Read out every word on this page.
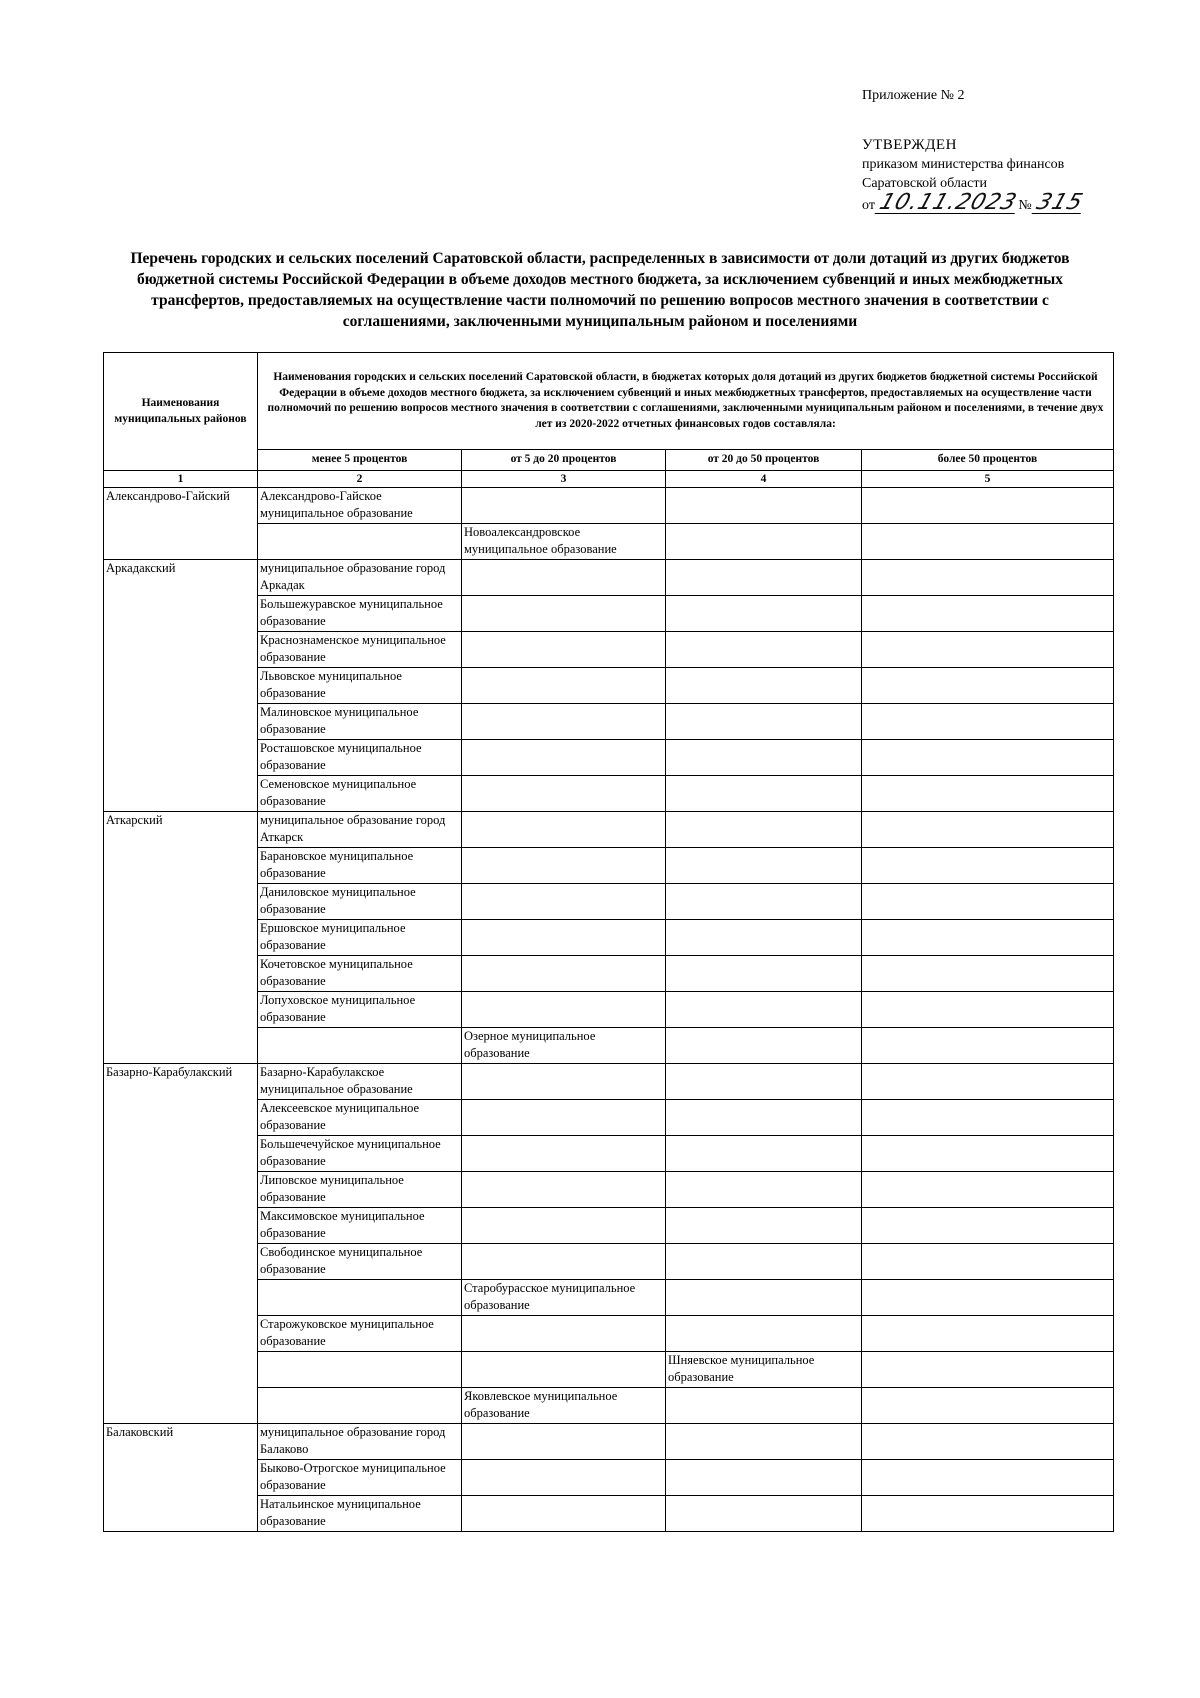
Приложение № 2
УТВЕРЖДЕН
приказом министерства финансов
Саратовской области
от 10.11.2023№ 315
Перечень городских и сельских поселений Саратовской области, распределенных в зависимости от доли дотаций из других бюджетов бюджетной системы Российской Федерации в объеме доходов местного бюджета, за исключением субвенций и иных межбюджетных трансфертов, предоставляемых на осуществление части полномочий по решению вопросов местного значения в соответствии с соглашениями, заключенными муниципальным районом и поселениями
Наименования муниципальных районов	Наименования городских и сельских поселений Саратовской области, в бюджетах которых доля дотаций из других бюджетов бюджетной системы Российской Федерации в объеме доходов местного бюджета, за исключением субвенций и иных межбюджетных трансфертов, предоставляемых на осуществление части полномочий по решению вопросов местного значения в соответствии с соглашениями, заключенными муниципальным районом и поселениями, в течение двух лет из 2020-2022 отчетных финансовых годов составляла:			
	менее 5 процентов	от 5 до 20 процентов	от 20 до 50 процентов	более 50 процентов
1	2	3	4	5
Александрово-Гайский	Александрово-Гайское муниципальное образование			
		Новоалександровское муниципальное образование		
Аркадакский	муниципальное образование город Аркадак			
	Большежуравское муниципальное образование			
	Краснознаменское муниципальное образование			
	Львовское муниципальное образование			
	Малиновское муниципальное образование			
	Росташовское муниципальное образование			
	Семеновское муниципальное образование			
Аткарский	муниципальное образование город Аткарск			
	Барановское муниципальное образование			
	Даниловское муниципальное образование			
	Ершовское муниципальное образование			
	Кочетовское муниципальное образование			
	Лопуховское муниципальное образование			
		Озерное муниципальное образование		
Базарно-Карабулакский	Базарно-Карабулакское муниципальное образование			
	Алексеевское муниципальное образование			
	Большечечуйское муниципальное образование			
	Липовское муниципальное образование			
	Максимовское муниципальное образование			
	Свободинское муниципальное образование			
		Старобурасское муниципальное образование		
	Старожуковское муниципальное образование			
			Шняевское муниципальное образование	
		Яковлевское муниципальное образование		
Балаковский	муниципальное образование город Балаково			
	Быково-Отрогское муниципальное образование			
	Натальинское муниципальное образование			
